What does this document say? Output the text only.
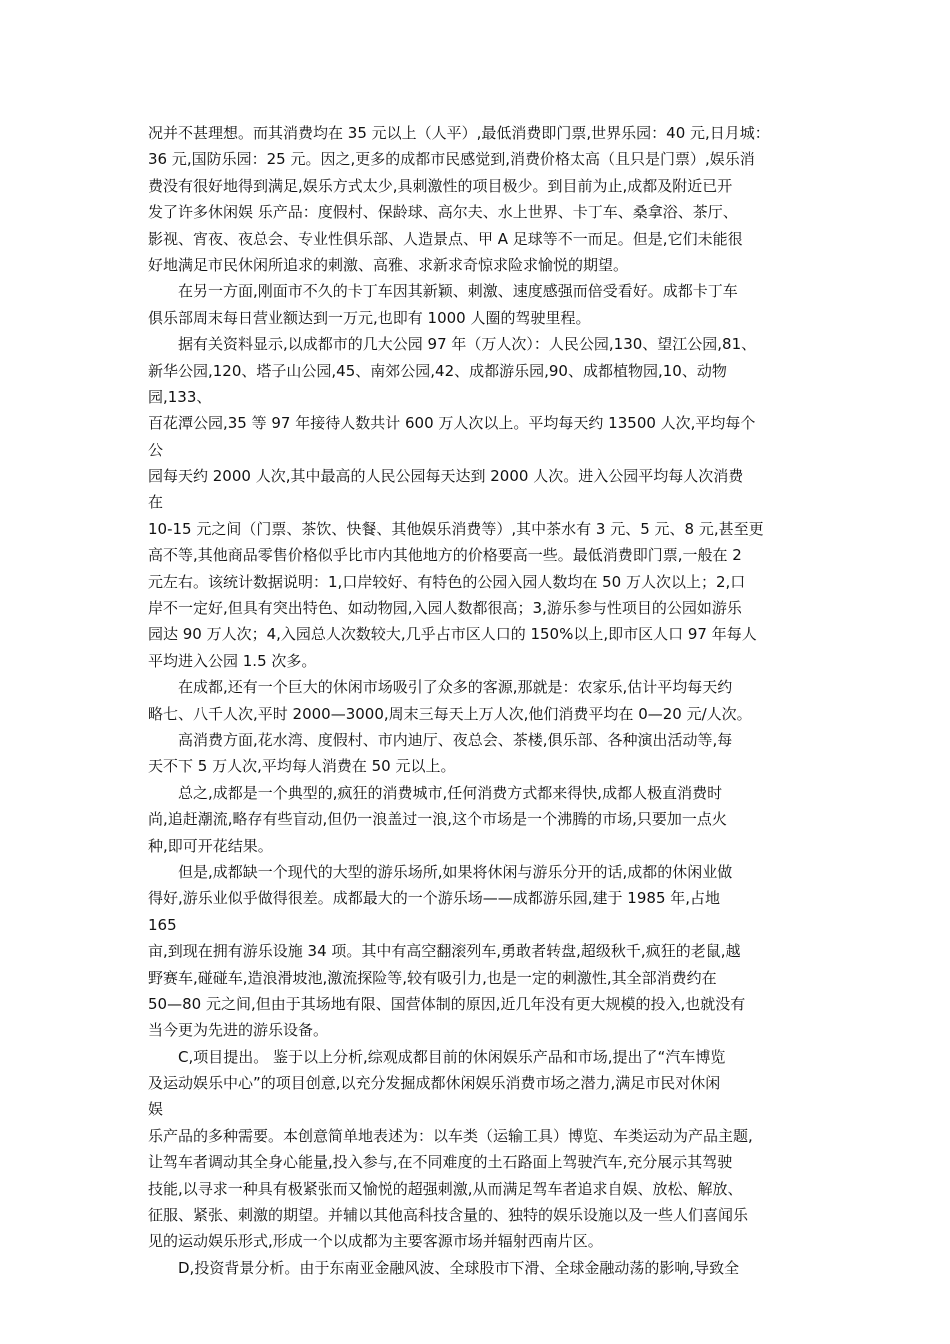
况并不甚理想。而其消费均在 35 元以上（人平）,最低消费即门票,世界乐园：40 元,日月城：
36 元,国防乐园：25 元。因之,更多的成都市民感觉到,消费价格太高（且只是门票）,娱乐消
费没有很好地得到满足,娱乐方式太少,具刺激性的项目极少。到目前为止,成都及附近已开
发了许多休闲娱 乐产品：度假村、保龄球、高尔夫、水上世界、卡丁车、桑拿浴、茶厅、
影视、宵夜、夜总会、专业性俱乐部、人造景点、甲 A 足球等不一而足。但是,它们未能很
好地满足市民休闲所追求的刺激、高雅、求新求奇惊求险求愉悦的期望。
在另一方面,刚面市不久的卡丁车因其新颖、刺激、速度感强而倍受看好。成都卡丁车
俱乐部周末每日营业额达到一万元,也即有 1000 人圈的驾驶里程。
据有关资料显示,以成都市的几大公园 97 年（万人次）：人民公园,130、望江公园,81、
新华公园,120、塔子山公园,45、南郊公园,42、成都游乐园,90、成都植物园,10、动物
园,133、
百花潭公园,35 等 97 年接待人数共计 600 万人次以上。平均每天约 13500 人次,平均每个
公
园每天约 2000 人次,其中最高的人民公园每天达到 2000 人次。进入公园平均每人次消费
在
10-15 元之间（门票、茶饮、快餐、其他娱乐消费等）,其中茶水有 3 元、5 元、8 元,甚至更
高不等,其他商品零售价格似乎比市内其他地方的价格要高一些。最低消费即门票,一般在 2
元左右。该统计数据说明：1,口岸较好、有特色的公园入园人数均在 50 万人次以上；2,口
岸不一定好,但具有突出特色、如动物园,入园人数都很高；3,游乐参与性项目的公园如游乐
园达 90 万人次；4,入园总人次数较大,几乎占市区人口的 150%以上,即市区人口 97 年每人
平均进入公园 1.5 次多。
在成都,还有一个巨大的休闲市场吸引了众多的客源,那就是：农家乐,估计平均每天约
略七、八千人次,平时 2000—3000,周末三每天上万人次,他们消费平均在 0—20 元/人次。
高消费方面,花水湾、度假村、市内迪厅、夜总会、茶楼,俱乐部、各种演出活动等,每
天不下 5 万人次,平均每人消费在 50 元以上。
总之,成都是一个典型的,疯狂的消费城市,任何消费方式都来得快,成都人极直消费时
尚,追赶潮流,略存有些盲动,但仍一浪盖过一浪,这个市场是一个沸腾的市场,只要加一点火
种,即可开花结果。
但是,成都缺一个现代的大型的游乐场所,如果将休闲与游乐分开的话,成都的休闲业做
得好,游乐业似乎做得很差。成都最大的一个游乐场——成都游乐园,建于 1985 年,占地
165
亩,到现在拥有游乐设施 34 项。其中有高空翻滚列车,勇敢者转盘,超级秋千,疯狂的老鼠,越
野赛车,碰碰车,造浪滑坡池,激流探险等,较有吸引力,也是一定的刺激性,其全部消费约在
50—80 元之间,但由于其场地有限、国营体制的原因,近几年没有更大规模的投入,也就没有
当今更为先进的游乐设备。
C,项目提出。 鉴于以上分析,综观成都目前的休闲娱乐产品和市场,提出了“汽车博览
及运动娱乐中心”的项目创意,以充分发掘成都休闲娱乐消费市场之潜力,满足市民对休闲
娱
乐产品的多种需要。本创意简单地表述为：以车类（运输工具）博览、车类运动为产品主题,
让驾车者调动其全身心能量,投入参与,在不同难度的土石路面上驾驶汽车,充分展示其驾驶
技能,以寻求一种具有极紧张而又愉悦的超强刺激,从而满足驾车者追求自娱、放松、解放、
征服、紧张、刺激的期望。并辅以其他高科技含量的、独特的娱乐设施以及一些人们喜闻乐
见的运动娱乐形式,形成一个以成都为主要客源市场并辐射西南片区。
D,投资背景分析。由于东南亚金融风波、全球股市下滑、全球金融动荡的影响,导致全
